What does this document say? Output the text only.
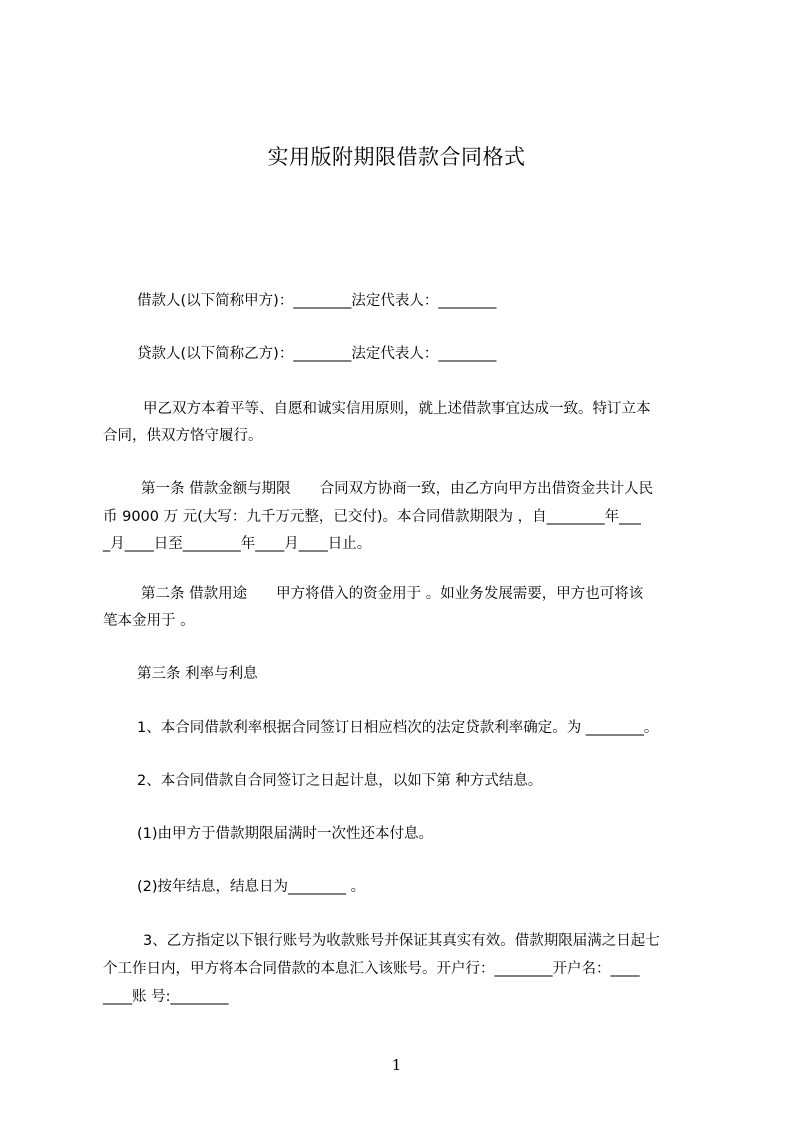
实用版附期限借款合同格式
借款人(以下简称甲方)：________法定代表人：________
贷款人(以下简称乙方)：________法定代表人：________
甲乙双方本着平等、自愿和诚实信用原则，就上述借款事宜达成一致。特订立本
合同，供双方恪守履行。
第一条 借款金额与期限　　合同双方协商一致，由乙方向甲方出借资金共计人民
币 9000 万 元(大写：九千万元整，已交付)。本合同借款期限为 ，自________年___
_月____日至________年____月____日止。
第二条 借款用途　　甲方将借入的资金用于 。如业务发展需要，甲方也可将该
笔本金用于 。
第三条 利率与利息
1、本合同借款利率根据合同签订日相应档次的法定贷款利率确定。为 ________。
2、本合同借款自合同签订之日起计息，以如下第 种方式结息。
(1)由甲方于借款期限届满时一次性还本付息。
(2)按年结息，结息日为________ 。
3、乙方指定以下银行账号为收款账号并保证其真实有效。借款期限届满之日起七
个工作日内，甲方将本合同借款的本息汇入该账号。开户行：________开户名：____
____账 号:________
1
